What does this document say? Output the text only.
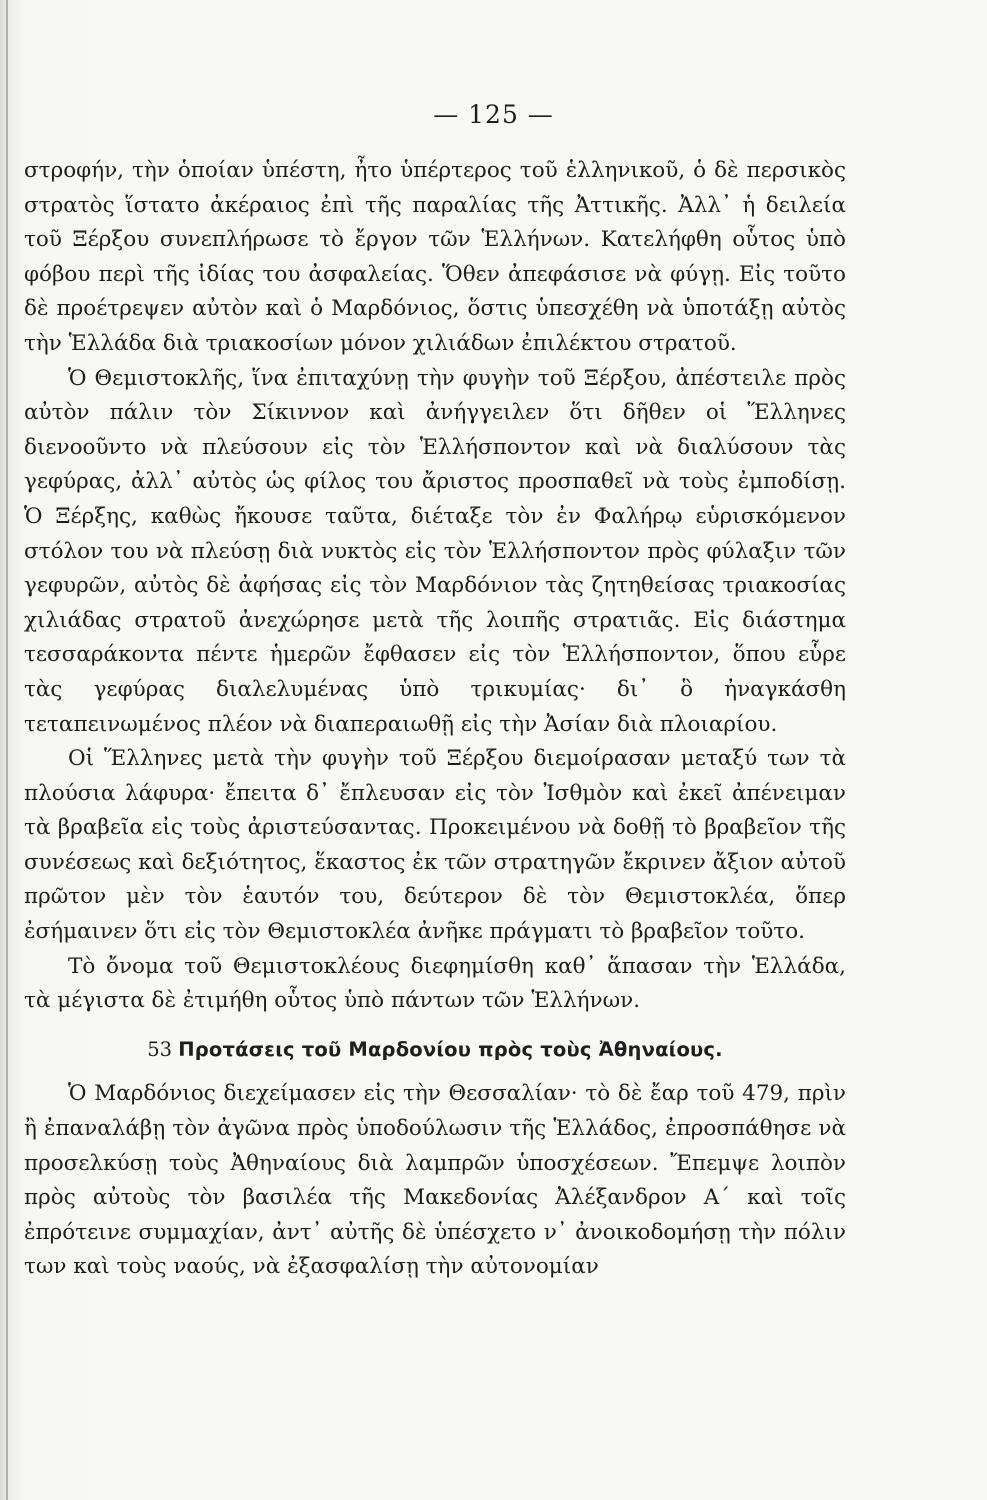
— 125 —

στροφήν, τὴν ὁποίαν ὑπέστη, ἦτο ὑπέρτερος τοῦ ἑλληνικοῦ, ὁ δὲ περσικὸς στρατὸς ἵστατο ἀκέραιος ἐπὶ τῆς παραλίας τῆς Ἀττικῆς. Ἀλλ᾽ ἡ δειλεία τοῦ Ξέρξου συνεπλήρωσε τὸ ἔργον τῶν Ἑλλήνων. Κατελήφθη οὗτος ὑπὸ φόβου περὶ τῆς ἰδίας του ἀσφαλείας. Ὅθεν ἀπεφάσισε νὰ φύγῃ. Εἰς τοῦτο δὲ προέτρεψεν αὐτὸν καὶ ὁ Μαρδόνιος, ὅστις ὑπεσχέθη νὰ ὑποτάξῃ αὐτὸς τὴν Ἑλλάδα διὰ τριακοσίων μόνον χιλιάδων ἐπιλέκτου στρατοῦ.

Ὁ Θεμιστοκλῆς, ἵνα ἐπιταχύνῃ τὴν φυγὴν τοῦ Ξέρξου, ἀπέστειλε πρὸς αὐτὸν πάλιν τὸν Σίκιννον καὶ ἀνήγγειλεν ὅτι δῆθεν οἱ Ἕλληνες διενοοῦντο νὰ πλεύσουν εἰς τὸν Ἑλλήσποντον καὶ νὰ διαλύσουν τὰς γεφύρας, ἀλλ᾽ αὐτὸς ὡς φίλος του ἄριστος προσπαθεῖ νὰ τοὺς ἐμποδίσῃ. Ὁ Ξέρξης, καθὼς ἤκουσε ταῦτα, διέταξε τὸν ἐν Φαλήρῳ εὑρισκόμενον στόλον του νὰ πλεύσῃ διὰ νυκτὸς εἰς τὸν Ἑλλήσποντον πρὸς φύλαξιν τῶν γεφυρῶν, αὐτὸς δὲ ἀφήσας εἰς τὸν Μαρδόνιον τὰς ζητηθείσας τριακοσίας χιλιάδας στρατοῦ ἀνεχώρησε μετὰ τῆς λοιπῆς στρατιᾶς. Εἰς διάστημα τεσσαράκοντα πέντε ἡμερῶν ἔφθασεν εἰς τὸν Ἑλλήσποντον, ὅπου εὗρε τὰς γεφύρας διαλελυμένας ὑπὸ τρικυμίας· δι᾽ ὃ ἠναγκάσθη τεταπεινωμένος πλέον νὰ διαπεραιωθῇ εἰς τὴν Ἀσίαν διὰ πλοιαρίου.

Οἱ Ἕλληνες μετὰ τὴν φυγὴν τοῦ Ξέρξου διεμοίρασαν μεταξύ των τὰ πλούσια λάφυρα· ἔπειτα δ᾽ ἔπλευσαν εἰς τὸν Ἰσθμὸν καὶ ἐκεῖ ἀπένειμαν τὰ βραβεῖα εἰς τοὺς ἀριστεύσαντας. Προκειμένου νὰ δοθῇ τὸ βραβεῖον τῆς συνέσεως καὶ δεξιότητος, ἕκαστος ἐκ τῶν στρατηγῶν ἔκρινεν ἄξιον αὐτοῦ πρῶτον μὲν τὸν ἑαυτόν του, δεύτερον δὲ τὸν Θεμιστοκλέα, ὅπερ ἐσήμαινεν ὅτι εἰς τὸν Θεμιστοκλέα ἀνῆκε πράγματι τὸ βραβεῖον τοῦτο.

Τὸ ὄνομα τοῦ Θεμιστοκλέους διεφημίσθη καθ᾽ ἅπασαν τὴν Ἑλλάδα, τὰ μέγιστα δὲ ἐτιμήθη οὗτος ὑπὸ πάντων τῶν Ἑλλήνων.

53 Προτάσεις τοῦ Μαρδονίου πρὸς τοὺς Ἀθηναίους.

Ὁ Μαρδόνιος διεχείμασεν εἰς τὴν Θεσσαλίαν· τὸ δὲ ἔαρ τοῦ 479, πρὶν ἢ ἐπαναλάβῃ τὸν ἀγῶνα πρὸς ὑποδούλωσιν τῆς Ἑλλάδος, ἐπροσπάθησε νὰ προσελκύσῃ τοὺς Ἀθηναίους διὰ λαμπρῶν ὑποσχέσεων. Ἔπεμψε λοιπὸν πρὸς αὐτοὺς τὸν βασιλέα τῆς Μακεδονίας Ἀλέξανδρον Α΄ καὶ τοῖς ἐπρότεινε συμμαχίαν, ἀντ᾽ αὐτῆς δὲ ὑπέσχετο ν᾽ ἀνοικοδομήσῃ τὴν πόλιν των καὶ τοὺς ναούς, νὰ ἐξασφαλίσῃ τὴν αὐτονομίαν
